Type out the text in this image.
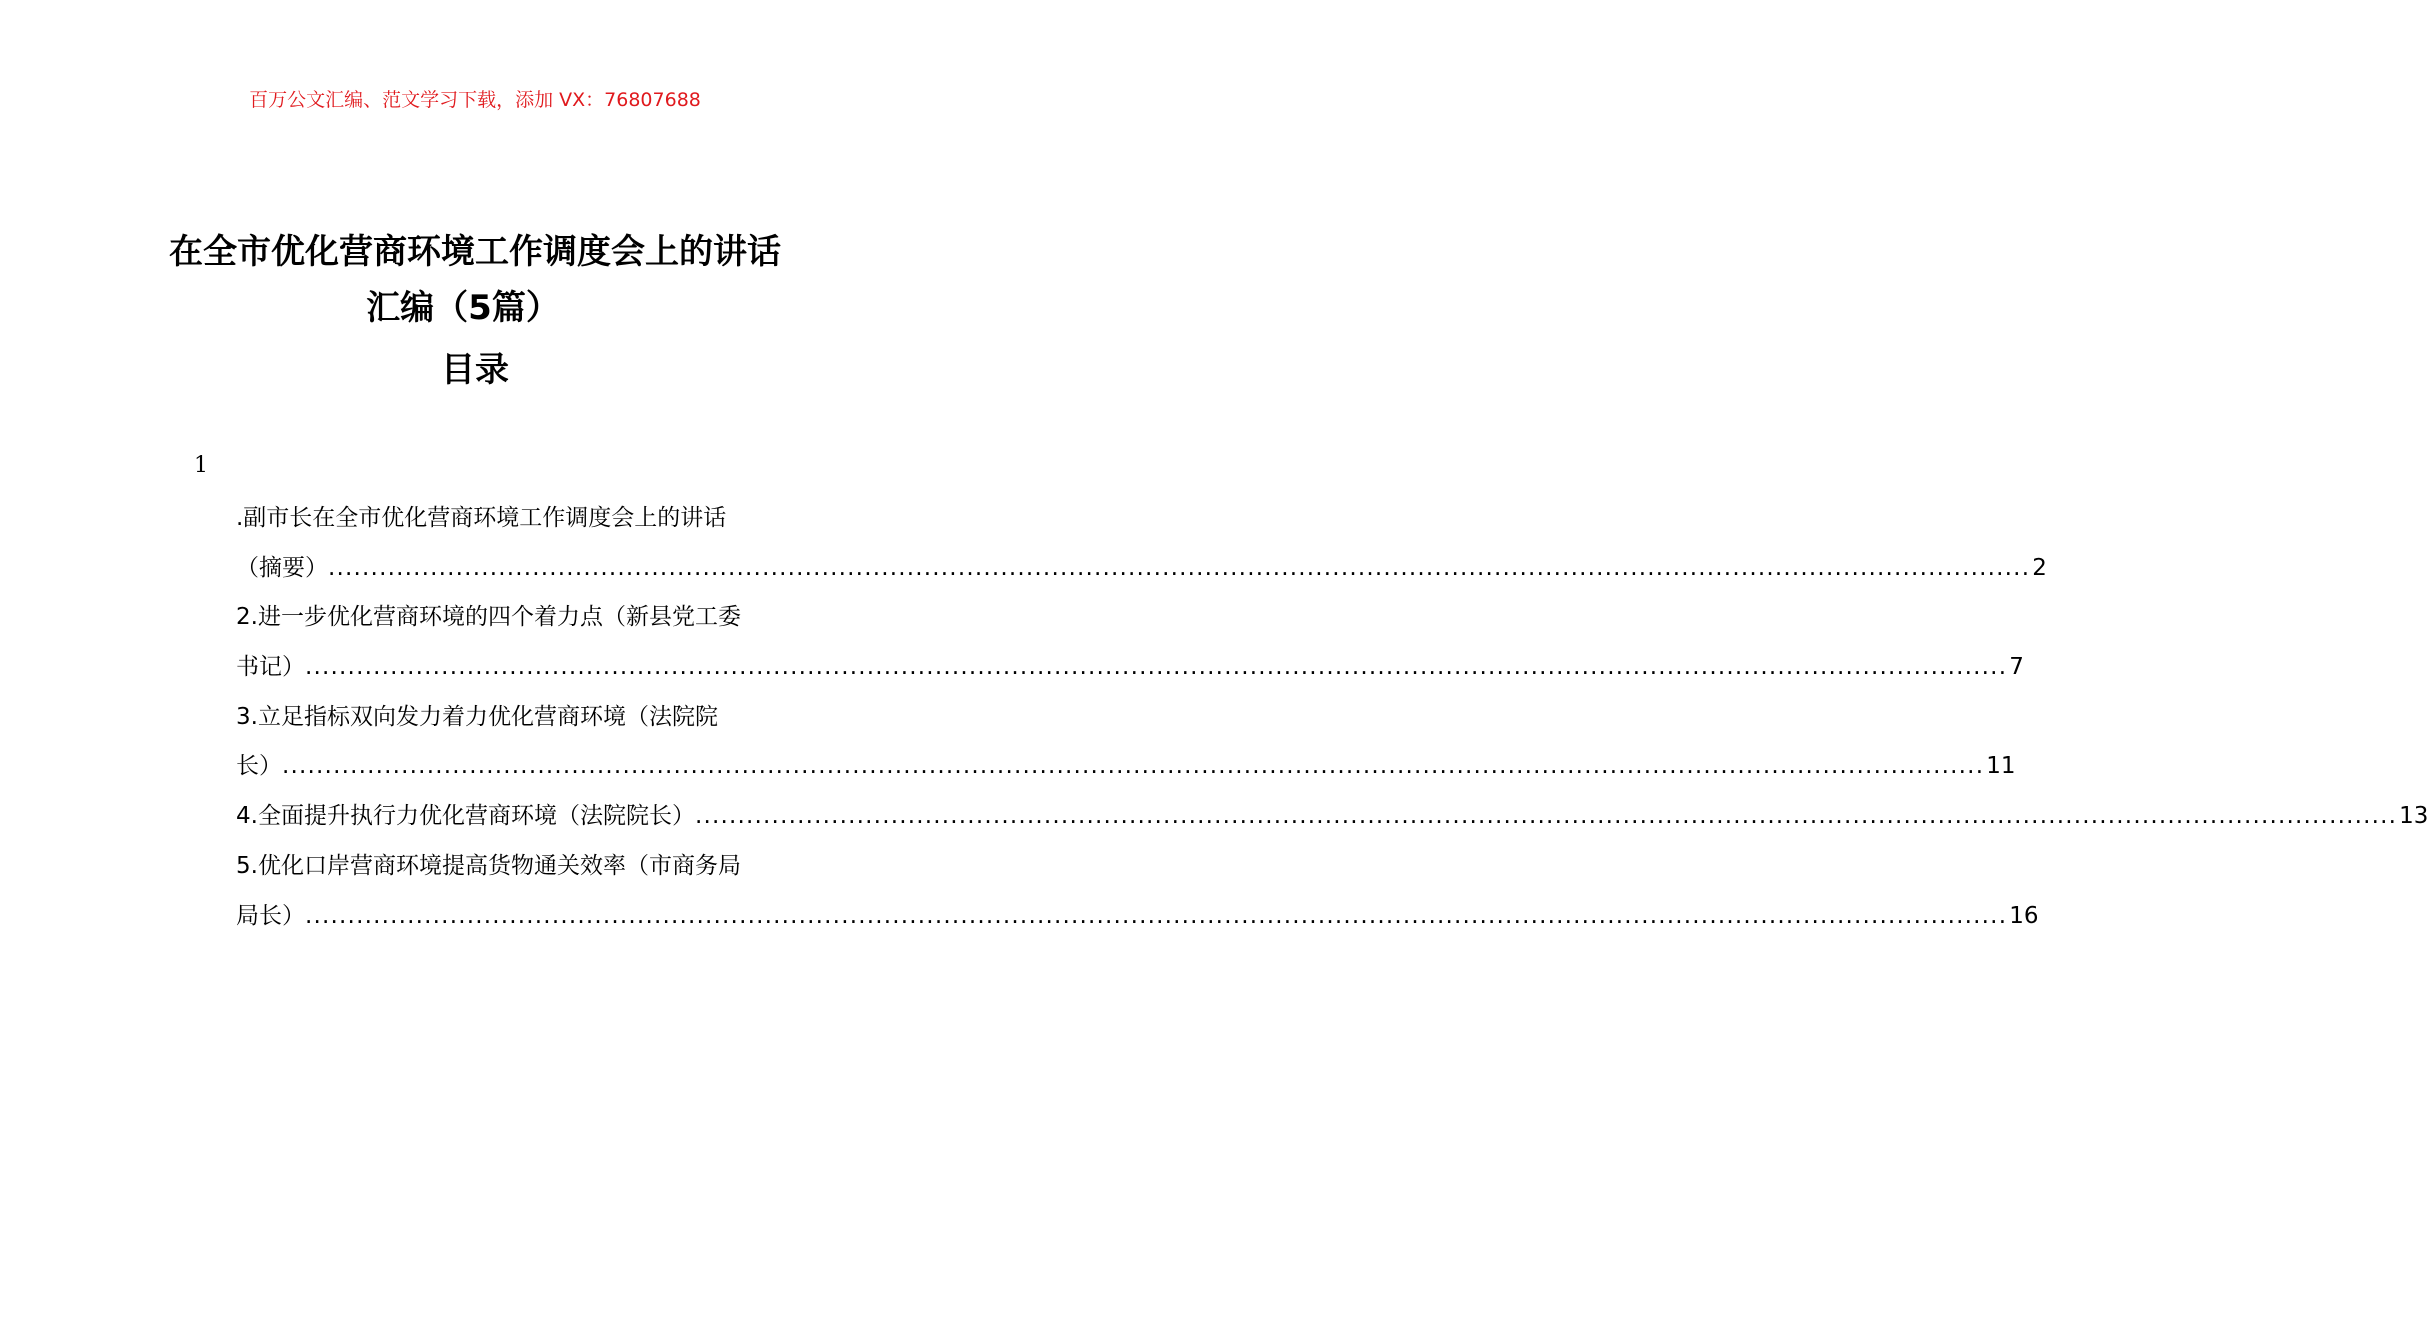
百万公文汇编、范文学习下载，添加 VX：76807688
在全市优化营商环境工作调度会上的讲话
汇编（5篇）
目录
1
.副市长在全市优化营商环境工作调度会上的讲话
（摘要） ........................................................................................................................................................................................................ 2
2.进一步优化营商环境的四个着力点（新县党工委
书记） ........................................................................................................................................................................................................ 7
3.立足指标双向发力着力优化营商环境（法院院
长） ........................................................................................................................................................................................................ 11
4.全面提升执行力优化营商环境（法院院长） ........................................................................................................................................................................................................ 13
5.优化口岸营商环境提高货物通关效率（市商务局
局长） ........................................................................................................................................................................................................ 16
